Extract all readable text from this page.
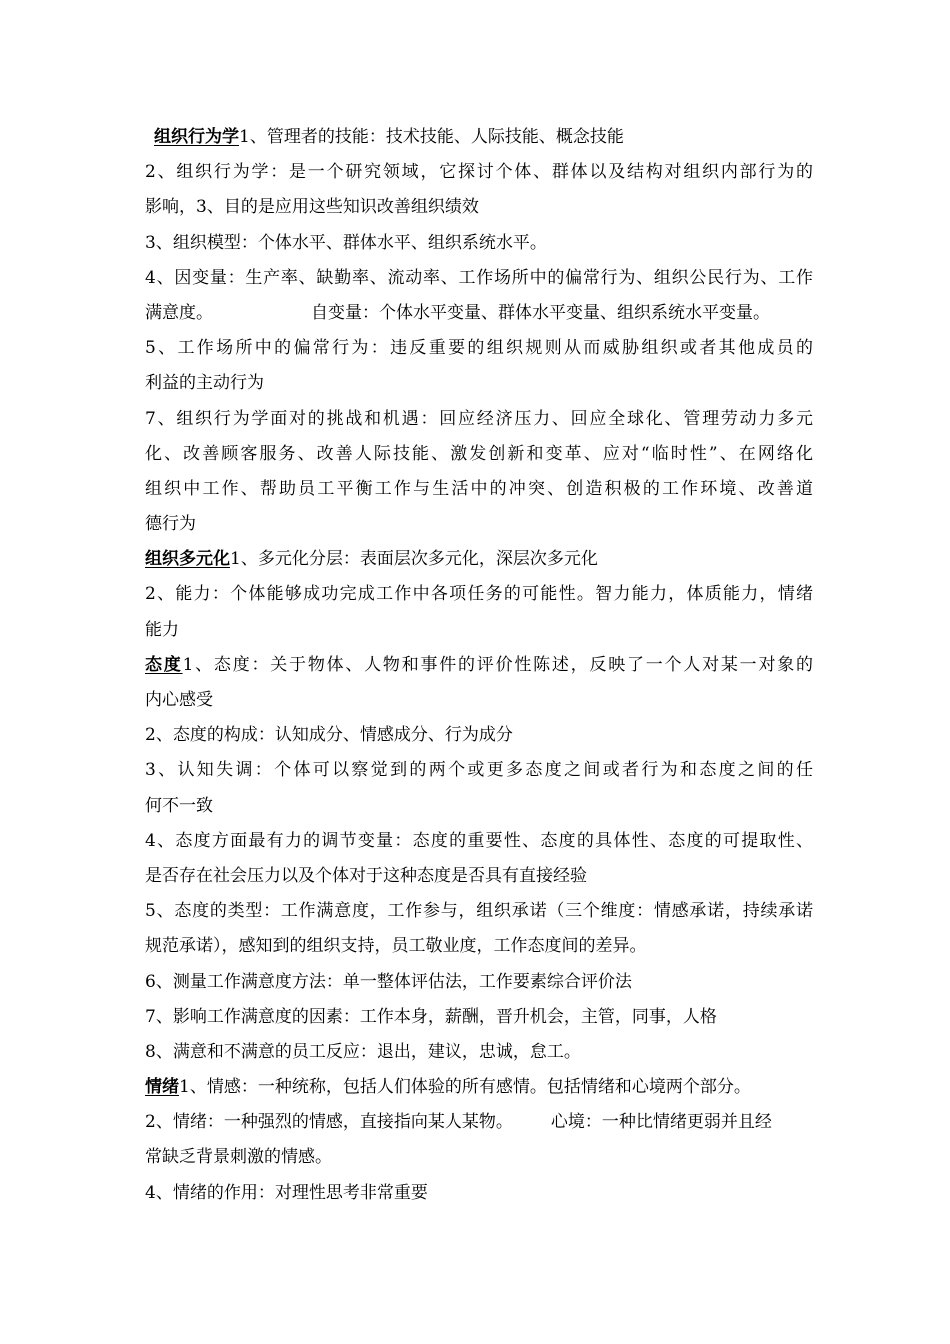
组织行为学1、管理者的技能：技术技能、人际技能、概念技能
2、组织行为学：是一个研究领域，它探讨个体、群体以及结构对组织内部行为的
影响，3、目的是应用这些知识改善组织绩效
3、组织模型：个体水平、群体水平、组织系统水平。
4、因变量：生产率、缺勤率、流动率、工作场所中的偏常行为、组织公民行为、工作
满意度。	自变量：个体水平变量、群体水平变量、组织系统水平变量。
5、工作场所中的偏常行为：违反重要的组织规则从而威胁组织或者其他成员的
利益的主动行为
7、组织行为学面对的挑战和机遇：回应经济压力、回应全球化、管理劳动力多元
化、改善顾客服务、改善人际技能、激发创新和变革、应对“临时性”、在网络化
组织中工作、帮助员工平衡工作与生活中的冲突、创造积极的工作环境、改善道
德行为
组织多元化1、多元化分层：表面层次多元化，深层次多元化
2、能力：个体能够成功完成工作中各项任务的可能性。智力能力，体质能力，情绪
能力
态度1、态度：关于物体、人物和事件的评价性陈述，反映了一个人对某一对象的
内心感受
2、态度的构成：认知成分、情感成分、行为成分
3、认知失调：个体可以察觉到的两个或更多态度之间或者行为和态度之间的任
何不一致
4、态度方面最有力的调节变量：态度的重要性、态度的具体性、态度的可提取性、
是否存在社会压力以及个体对于这种态度是否具有直接经验
5、态度的类型：工作满意度，工作参与，组织承诺（三个维度：情感承诺，持续承诺
规范承诺），感知到的组织支持，员工敬业度，工作态度间的差异。
6、测量工作满意度方法：单一整体评估法，工作要素综合评价法
7、影响工作满意度的因素：工作本身，薪酬，晋升机会，主管，同事，人格
8、满意和不满意的员工反应：退出，建议，忠诚，怠工。
情绪1、情感：一种统称，包括人们体验的所有感情。包括情绪和心境两个部分。
2、情绪：一种强烈的情感，直接指向某人某物。 心境：一种比情绪更弱并且经
常缺乏背景刺激的情感。
4、情绪的作用：对理性思考非常重要
